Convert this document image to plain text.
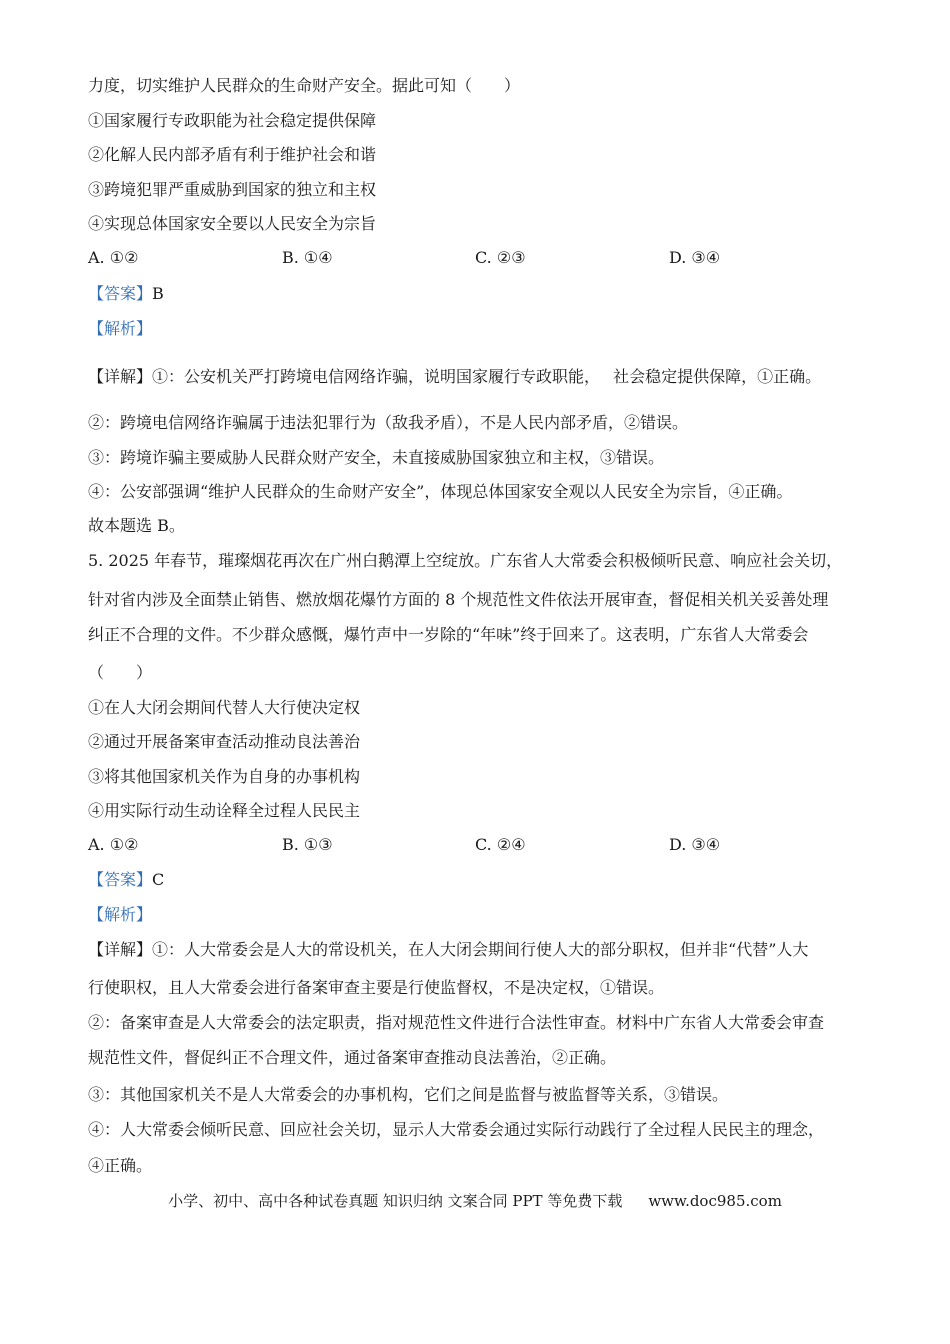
力度，切实维护人民群众的生命财产安全。据此可知（　　）
①国家履行专政职能为社会稳定提供保障
②化解人民内部矛盾有利于维护社会和谐
③跨境犯罪严重威胁到国家的独立和主权
④实现总体国家安全要以人民安全为宗旨
A. ①②	B. ①④	C. ②③	D. ③④
【答案】B
【解析】
【详解】①：公安机关严打跨境电信网络诈骗，说明国家履行专政职能，　 社会稳定提供保障，①正确。
②：跨境电信网络诈骗属于违法犯罪行为（敌我矛盾），不是人民内部矛盾，②错误。
③：跨境诈骗主要威胁人民群众财产安全，未直接威胁国家独立和主权，③错误。
④：公安部强调“维护人民群众的生命财产安全”，体现总体国家安全观以人民安全为宗旨，④正确。
故本题选 B。
5. 2025 年春节，璀璨烟花再次在广州白鹅潭上空绽放。广东省人大常委会积极倾听民意、响应社会关切，
针对省内涉及全面禁止销售、燃放烟花爆竹方面的 8 个规范性文件依法开展审查，督促相关机关妥善处理
纠正不合理的文件。不少群众感慨，爆竹声中一岁除的“年味”终于回来了。这表明，广东省人大常委会
（　　）
①在人大闭会期间代替人大行使决定权
②通过开展备案审查活动推动良法善治
③将其他国家机关作为自身的办事机构
④用实际行动生动诠释全过程人民民主
A. ①②	B. ①③	C. ②④	D. ③④
【答案】C
【解析】
【详解】①：人大常委会是人大的常设机关，在人大闭会期间行使人大的部分职权，但并非“代替”人大
行使职权，且人大常委会进行备案审查主要是行使监督权，不是决定权，①错误。
②：备案审查是人大常委会的法定职责，指对规范性文件进行合法性审查。材料中广东省人大常委会审查
规范性文件，督促纠正不合理文件，通过备案审查推动良法善治，②正确。
③：其他国家机关不是人大常委会的办事机构，它们之间是监督与被监督等关系，③错误。
④：人大常委会倾听民意、回应社会关切，显示人大常委会通过实际行动践行了全过程人民民主的理念，
④正确。
小学、初中、高中各种试卷真题 知识归纳 文案合同 PPT 等免费下载 www.doc985.com
